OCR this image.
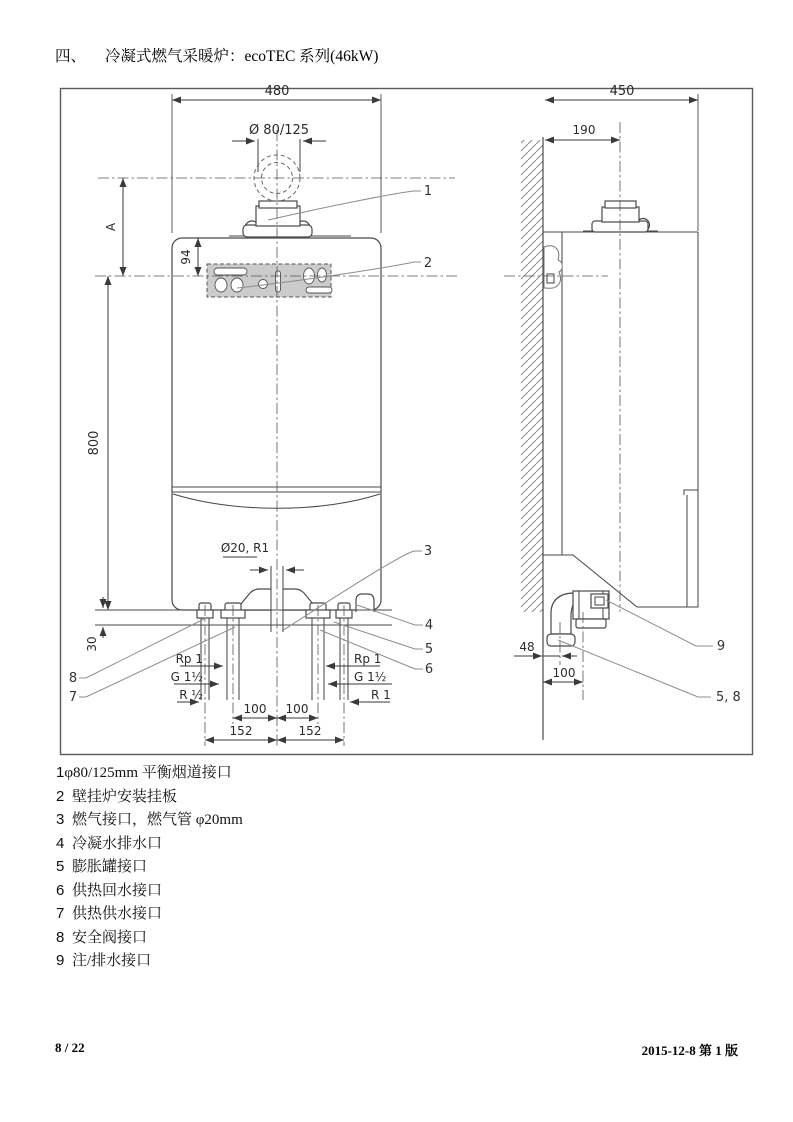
四、 冷凝式燃气采暖炉：ecoTEC 系列(46kW)
480
Ø 80/125
A
94
800
30
Ø20, R1
Rp 1
G 1½
R ½
Rp 1
G 1½
R 1
100 100
152	152
450
190
48
100
1
2
3
4
5
6
7
8
9
5, 8
1φ80/125mm 平衡烟道接口
2 壁挂炉安装挂板
3 燃气接口，燃气管 φ20mm
4 冷凝水排水口
5 膨胀罐接口
6 供热回水接口
7 供热供水接口
8 安全阀接口
9 注/排水接口
8 / 22	2015-12-8 第 1 版
